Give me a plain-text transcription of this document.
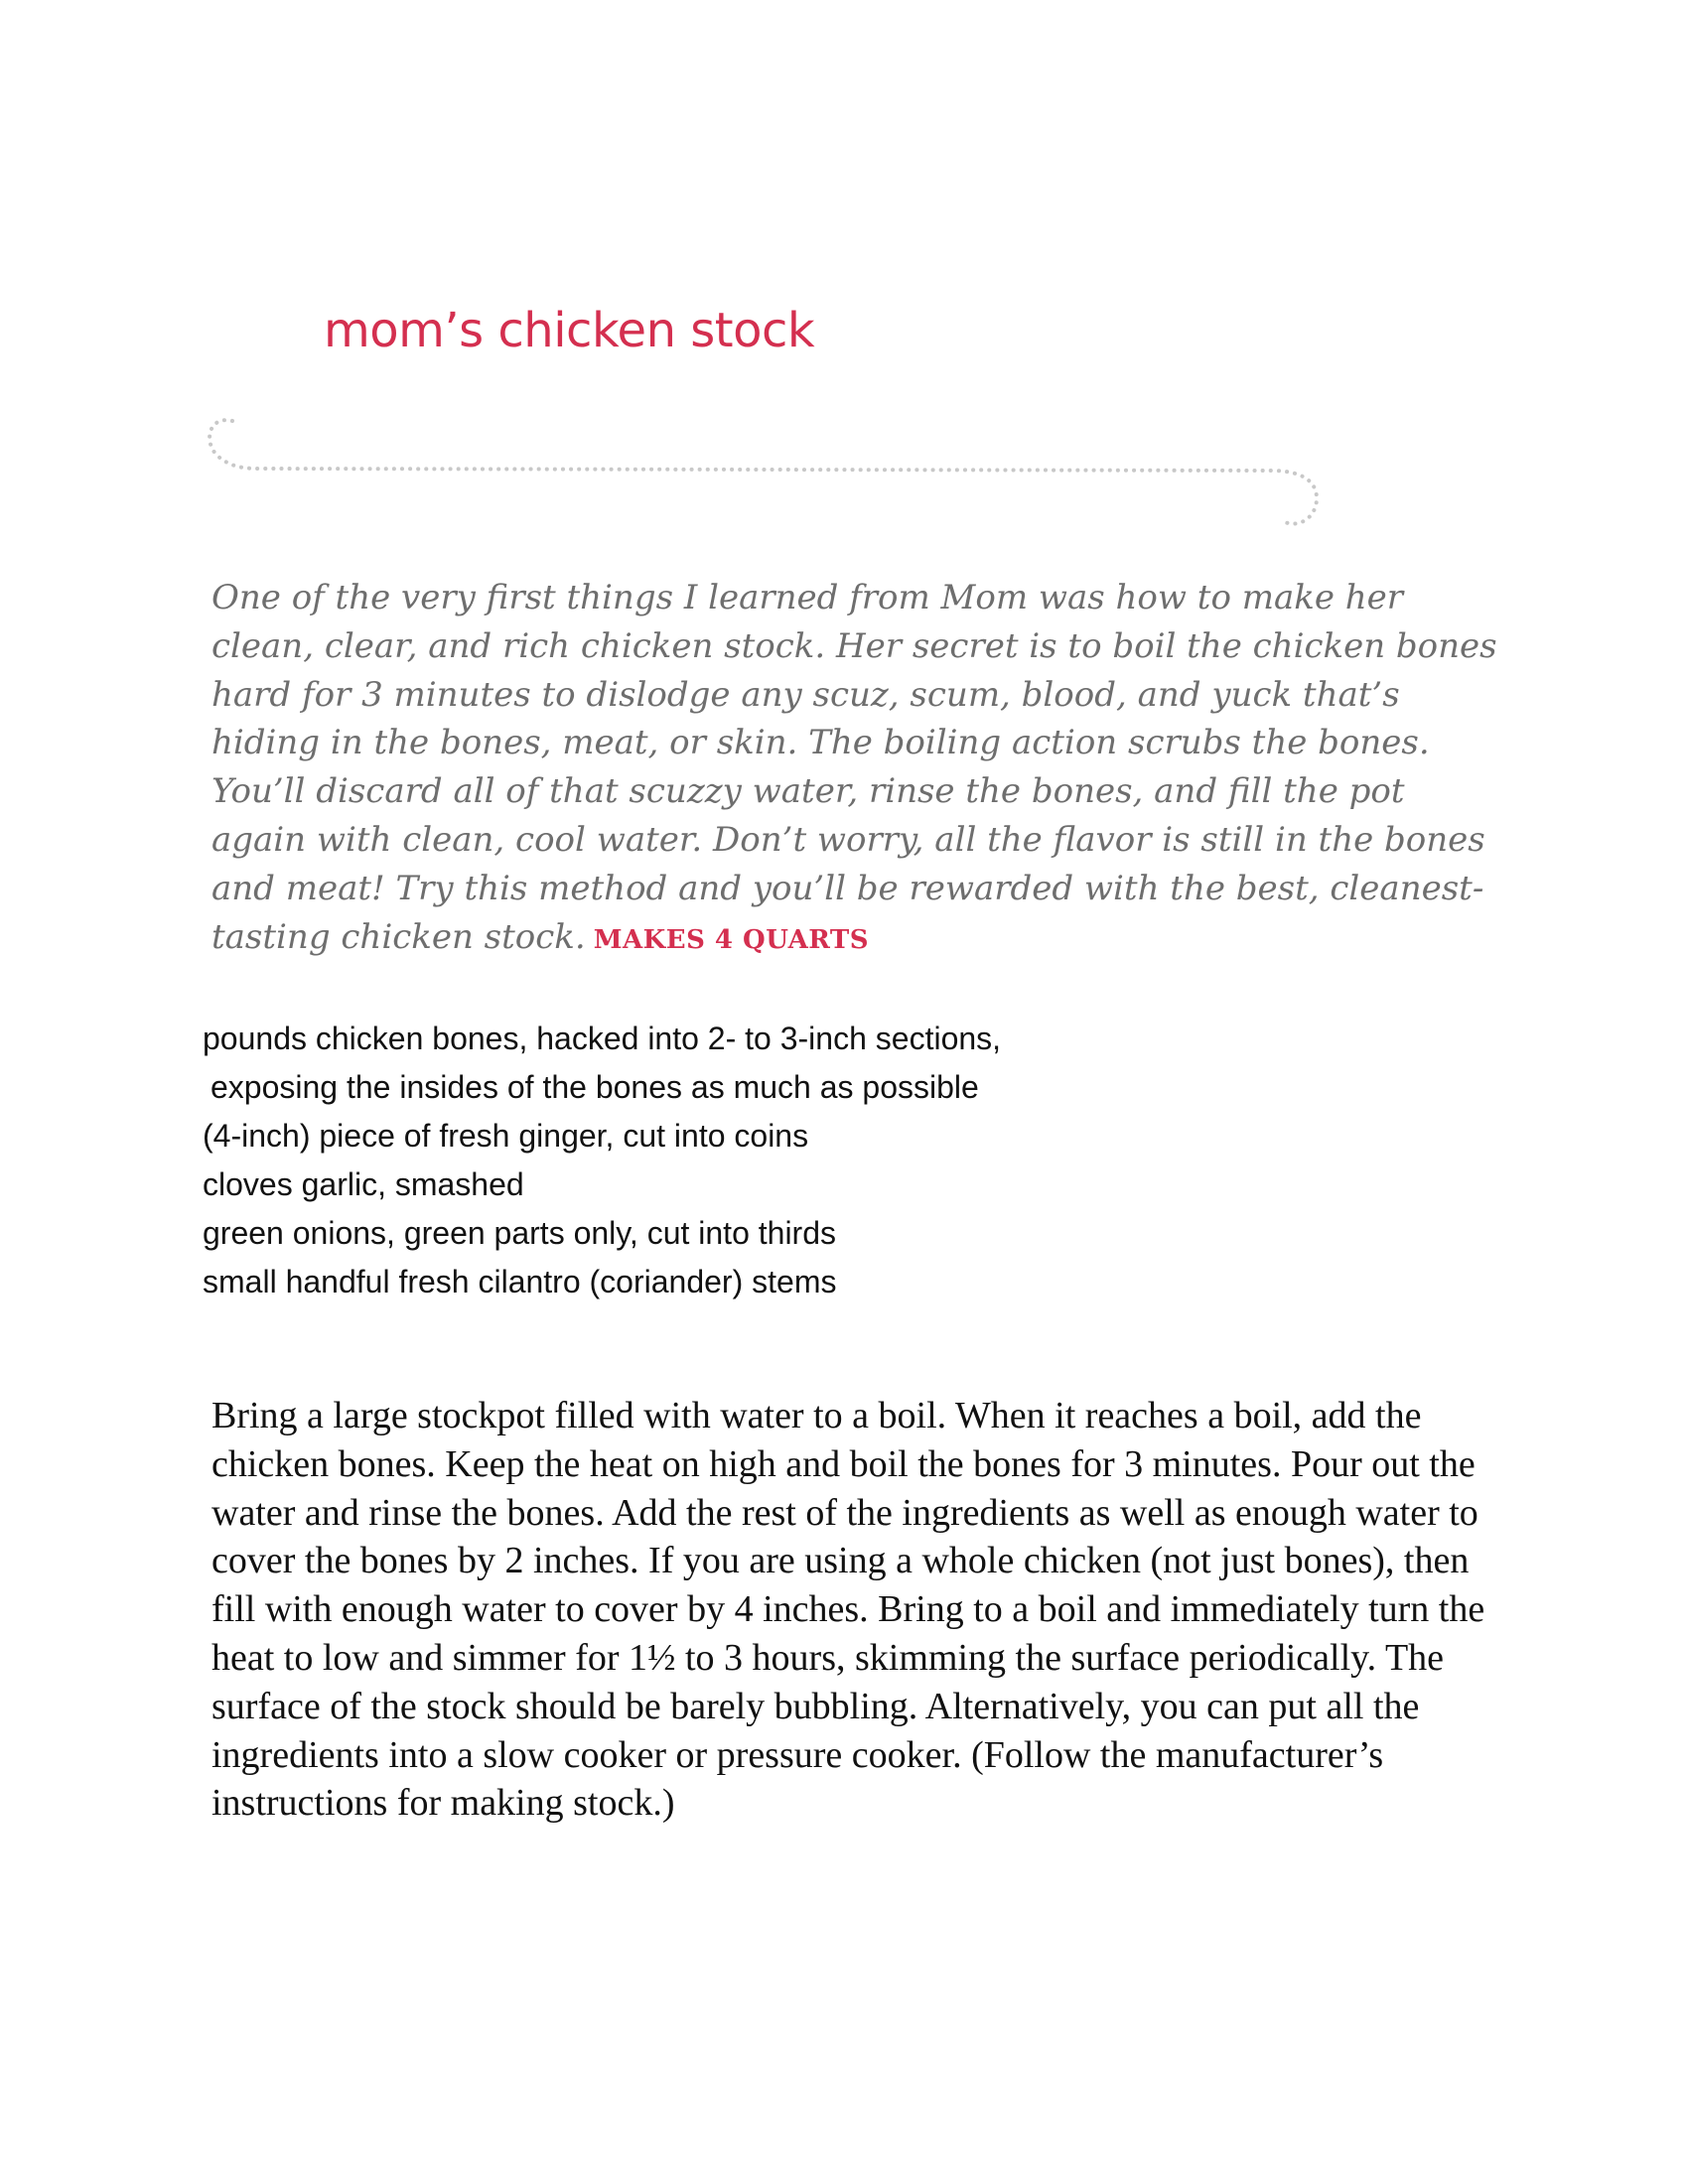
mom’s chicken stock

One of the very first things I learned from Mom was how to make her clean, clear, and rich chicken stock. Her secret is to boil the chicken bones hard for 3 minutes to dislodge any scuz, scum, blood, and yuck that’s hiding in the bones, meat, or skin. The boiling action scrubs the bones. You’ll discard all of that scuzzy water, rinse the bones, and fill the pot again with clean, cool water. Don’t worry, all the flavor is still in the bones and meat! Try this method and you’ll be rewarded with the best, cleanest-tasting chicken stock. MAKES 4 QUARTS

pounds chicken bones, hacked into 2- to 3-inch sections, exposing the insides of the bones as much as possible
(4-inch) piece of fresh ginger, cut into coins
cloves garlic, smashed
green onions, green parts only, cut into thirds
small handful fresh cilantro (coriander) stems

Bring a large stockpot filled with water to a boil. When it reaches a boil, add the chicken bones. Keep the heat on high and boil the bones for 3 minutes. Pour out the water and rinse the bones. Add the rest of the ingredients as well as enough water to cover the bones by 2 inches. If you are using a whole chicken (not just bones), then fill with enough water to cover by 4 inches. Bring to a boil and immediately turn the heat to low and simmer for 1½ to 3 hours, skimming the surface periodically. The surface of the stock should be barely bubbling. Alternatively, you can put all the ingredients into a slow cooker or pressure cooker. (Follow the manufacturer’s instructions for making stock.)
